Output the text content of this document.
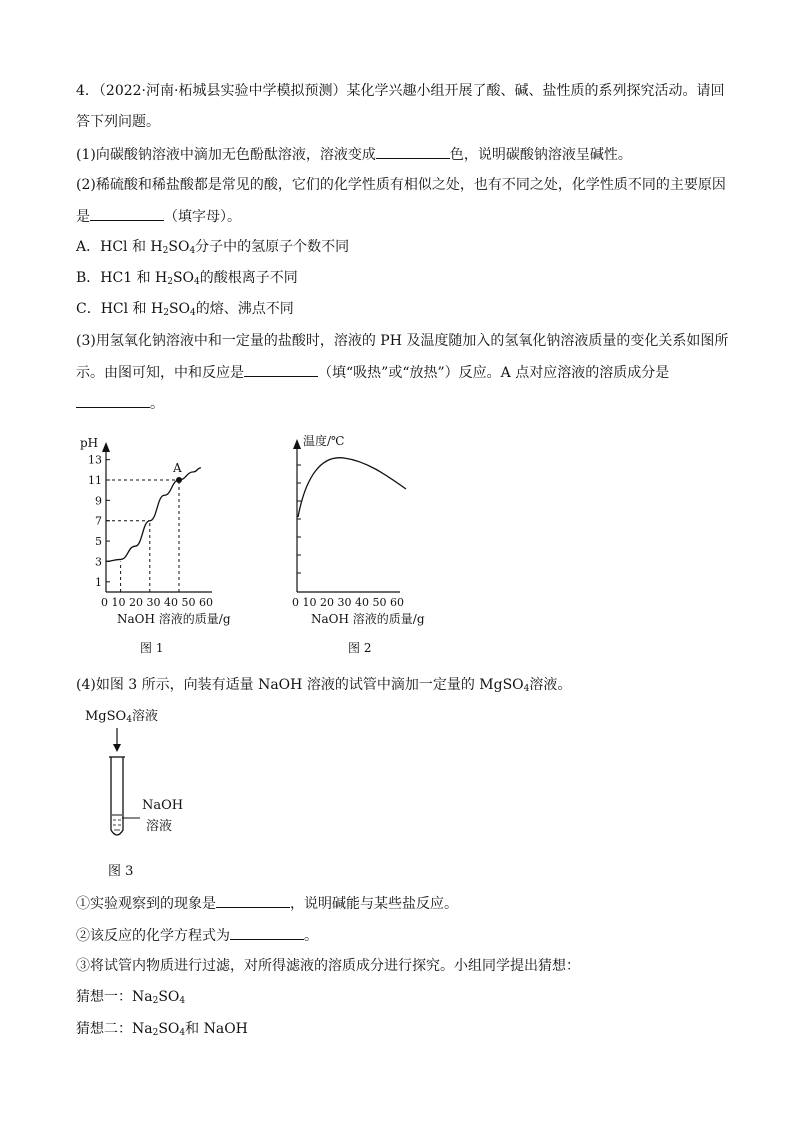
4．（2022·河南·柘城县实验中学模拟预测）某化学兴趣小组开展了酸、碱、盐性质的系列探究活动。请回
答下列问题。
(1)向碳酸钠溶液中滴加无色酚酞溶液，溶液变成	色，说明碳酸钠溶液呈碱性。
(2)稀硫酸和稀盐酸都是常见的酸，它们的化学性质有相似之处，也有不同之处，化学性质不同的主要原因
是	（填字母）。
A．HCl 和 $H_2SO_4$分子中的氢原子个数不同
B．HC1 和 $H_2SO_4$的酸根离子不同
C．HCl 和 $H_2SO_4$的熔、沸点不同
(3)用氢氧化钠溶液中和一定量的盐酸时，溶液的 PH 及温度随加入的氢氧化钠溶液质量的变化关系如图所
示。由图可知，中和反应是	（填“吸热”或“放热”）反应。A 点对应溶液的溶质成分是
。
pH
13
11
9
7
5
3
1
0 10 20 30 40 50 60
NaOH 溶液的质量/g
图 1
A
温度/℃
0 10 20 30 40 50 60
NaOH 溶液的质量/g
图 2
(4)如图 3 所示，向装有适量 NaOH 溶液的试管中滴加一定量的 MgSO$_4$溶液。
MgSO$_4$溶液
NaOH
溶液
图 3
①实验观察到的现象是	，说明碱能与某些盐反应。
②该反应的化学方程式为	。
③将试管内物质进行过滤，对所得滤液的溶质成分进行探究。小组同学提出猜想：
猜想一：$Na_2SO_4$
猜想二：$Na_2SO_4$和 NaOH
